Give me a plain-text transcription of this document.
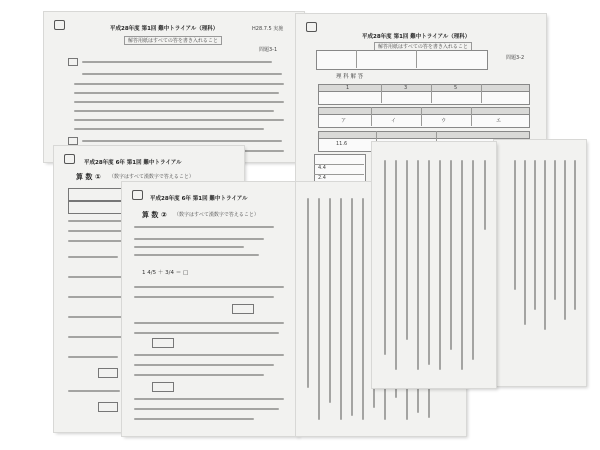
平成28年度 第1回 難中トライアル（理科）	H28.7.5 実施
解答用紙はすべての答を書き入れること
問題3-1
平成28年度 第1回 難中トライアル（理科）
解答用紙はすべての答を書き入れること
問題3-2
理 科 解 答
1	3	5
ア	イ	ウ	エ
11.6
4.4
2.4
平成28年度 6年 第1回 難中トライアル
算 数 ① （数字はすべて漢数字で答えること）
平成28年度 6年 第1回 難中トライアル
算 数 ② （数字はすべて漢数字で答えること）
1 4/5 ＋ 3/4 ＝ □
